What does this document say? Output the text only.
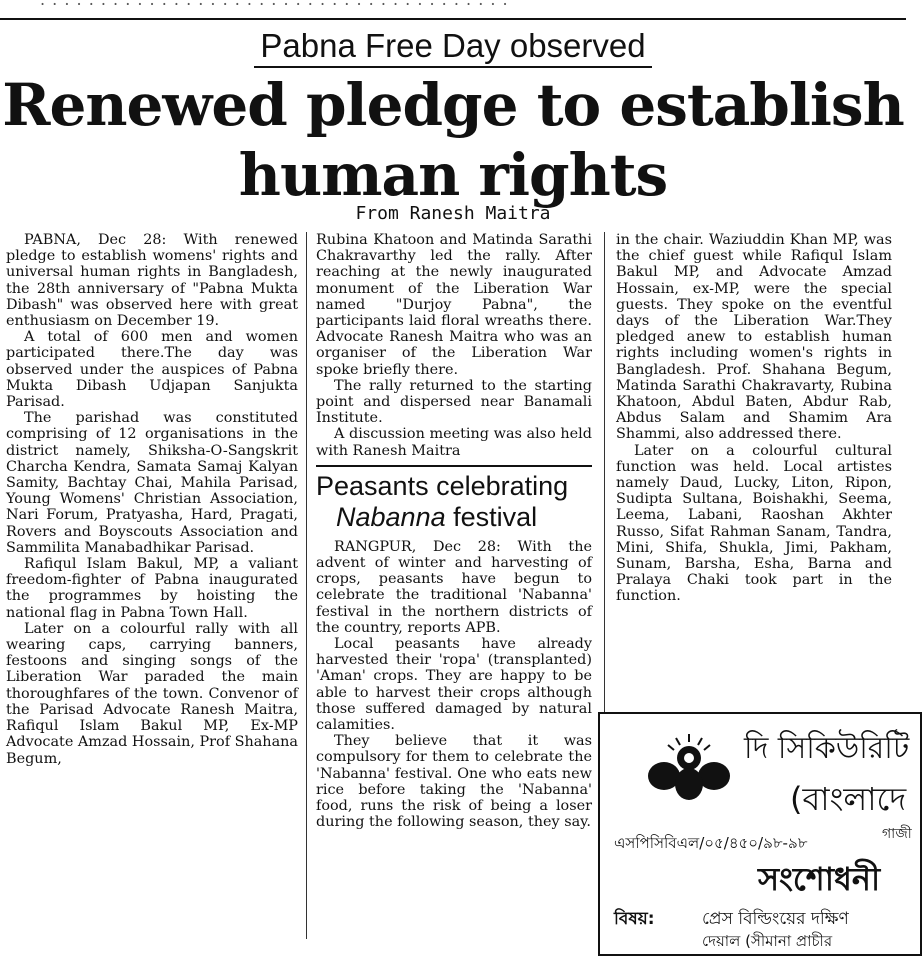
Pabna Free Day observed
Renewed pledge to establish
human rights
From Ranesh Maitra

PABNA, Dec 28: With renewed pledge to establish womens' rights and universal human rights in Bangladesh, the 28th anniversary of "Pabna Mukta Dibash" was observed here with great enthusiasm on December 19.

A total of 600 men and women participated there.The day was observed under the auspices of Pabna Mukta Dibash Udjapan Sanjukta Parisad.

The parishad was constituted comprising of 12 organisations in the district namely, Shiksha-O-Sangskrit Charcha Kendra, Samata Samaj Kalyan Samity, Bachtay Chai, Mahila Parisad, Young Womens' Christian Association, Nari Forum, Pratyasha, Hard, Pragati, Rovers and Boyscouts Association and Sammilita Manabadhikar Parisad.

Rafiqul Islam Bakul, MP, a valiant freedom-fighter of Pabna inaugurated the programmes by hoisting the national flag in Pabna Town Hall.

Later on a colourful rally with all wearing caps, carrying banners, festoons and singing songs of the Liberation War paraded the main thoroughfares of the town. Convenor of the Parisad Advocate Ranesh Maitra, Rafiqul Islam Bakul MP, Ex-MP Advocate Amzad Hossain, Prof Shahana Begum,

Rubina Khatoon and Matinda Sarathi Chakravarthy led the rally. After reaching at the newly inaugurated monument of the Liberation War named "Durjoy Pabna", the participants laid floral wreaths there. Advocate Ranesh Maitra who was an organiser of the Liberation War spoke briefly there.

The rally returned to the starting point and dispersed near Banamali Institute.

A discussion meeting was also held with Ranesh Maitra

Peasants celebrating
Nabanna festival

RANGPUR, Dec 28: With the advent of winter and harvesting of crops, peasants have begun to celebrate the traditional 'Nabanna' festival in the northern districts of the country, reports APB.

Local peasants have already harvested their 'ropa' (transplanted) 'Aman' crops. They are happy to be able to harvest their crops although those suffered damaged by natural calamities.

They believe that it was compulsory for them to celebrate the 'Nabanna' festival. One who eats new rice before taking the 'Nabanna' food, runs the risk of being a loser during the following season, they say.

in the chair. Waziuddin Khan MP, was the chief guest while Rafiqul Islam Bakul MP, and Advocate Amzad Hossain, ex-MP, were the special guests. They spoke on the eventful days of the Liberation War.They pledged anew to establish human rights including women's rights in Bangladesh. Prof. Shahana Begum, Matinda Sarathi Chakravarty, Rubina Khatoon, Abdul Baten, Abdur Rab, Abdus Salam and Shamim Ara Shammi, also addressed there.

Later on a colourful cultural function was held. Local artistes namely Daud, Lucky, Liton, Ripon, Sudipta Sultana, Boishakhi, Seema, Leema, Labani, Raoshan Akhter Russo, Sifat Rahman Sanam, Tandra, Mini, Shifa, Shukla, Jimi, Pakham, Sunam, Barsha, Esha, Barna and Pralaya Chaki took part in the function.

দি সিকিউরিটি
(বাংলাদে
গাজী
এসপিসিবিএল/০৫/৪৫০/৯৮-৯৮
সংশোধনী
বিষয়:	প্রেস বিল্ডিংয়ের দক্ষিণ
দেয়াল (সীমানা প্রাচীর
